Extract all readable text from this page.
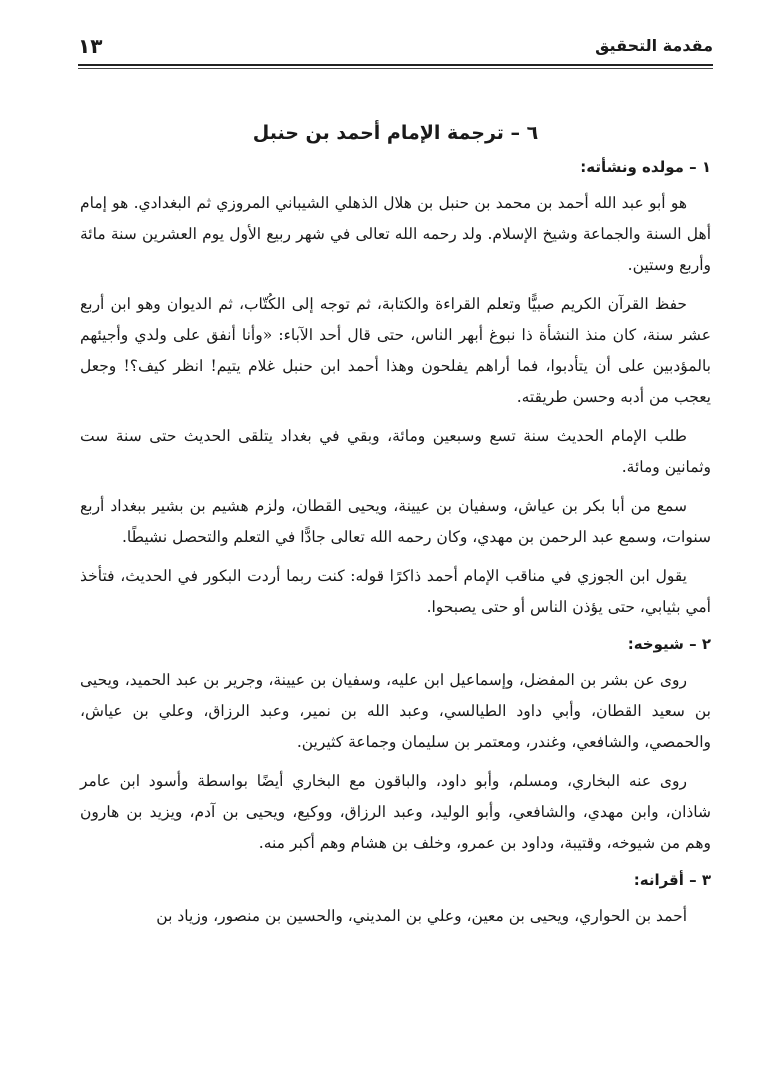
مقدمة التحقيق
١٣
٦ – ترجمة الإمام أحمد بن حنبل
١ – مولده ونشأته:

هو أبو عبد الله أحمد بن محمد بن حنبل بن هلال الذهلي الشيباني المروزي ثم البغدادي. هو إمام أهل السنة والجماعة وشيخ الإسلام. ولد رحمه الله تعالى في شهر ربيع الأول يوم العشرين سنة مائة وأربع وستين.

حفظ القرآن الكريم صبيًّا وتعلم القراءة والكتابة، ثم توجه إلى الكُتّاب، ثم الديوان وهو ابن أربع عشر سنة، كان منذ النشأة ذا نبوغ أبهر الناس، حتى قال أحد الآباء: «وأنا أنفق على ولدي وأجيئهم بالمؤدبين على أن يتأدبوا، فما أراهم يفلحون وهذا أحمد ابن حنبل غلام يتيم! انظر كيف؟! وجعل يعجب من أدبه وحسن طريقته.

طلب الإمام الحديث سنة تسع وسبعين ومائة، وبقي في بغداد يتلقى الحديث حتى سنة ست وثمانين ومائة.

سمع من أبا بكر بن عياش، وسفيان بن عيينة، ويحيى القطان، ولزم هشيم بن بشير ببغداد أربع سنوات، وسمع عبد الرحمن بن مهدي، وكان رحمه الله تعالى جادًّا في التعلم والتحصل نشيطًا.

يقول ابن الجوزي في مناقب الإمام أحمد ذاكرًا قوله: كنت ربما أردت البكور في الحديث، فتأخذ أمي بثيابي، حتى يؤذن الناس أو حتى يصبحوا.

٢ – شيوخه:

روى عن بشر بن المفضل، وإسماعيل ابن عليه، وسفيان بن عيينة، وجرير بن عبد الحميد، ويحيى بن سعيد القطان، وأبي داود الطيالسي، وعبد الله بن نمير، وعبد الرزاق، وعلي بن عياش، والحمصي، والشافعي، وغندر، ومعتمر بن سليمان وجماعة كثيرين.

روى عنه البخاري، ومسلم، وأبو داود، والباقون مع البخاري أيضًا بواسطة وأسود ابن عامر شاذان، وابن مهدي، والشافعي، وأبو الوليد، وعبد الرزاق، ووكيع، ويحيى بن آدم، ويزيد بن هارون وهم من شيوخه، وقتيبة، وداود بن عمرو، وخلف بن هشام وهم أكبر منه.

٣ – أقرانه:

أحمد بن الحواري، ويحيى بن معين، وعلي بن المديني، والحسين بن منصور، وزياد بن
